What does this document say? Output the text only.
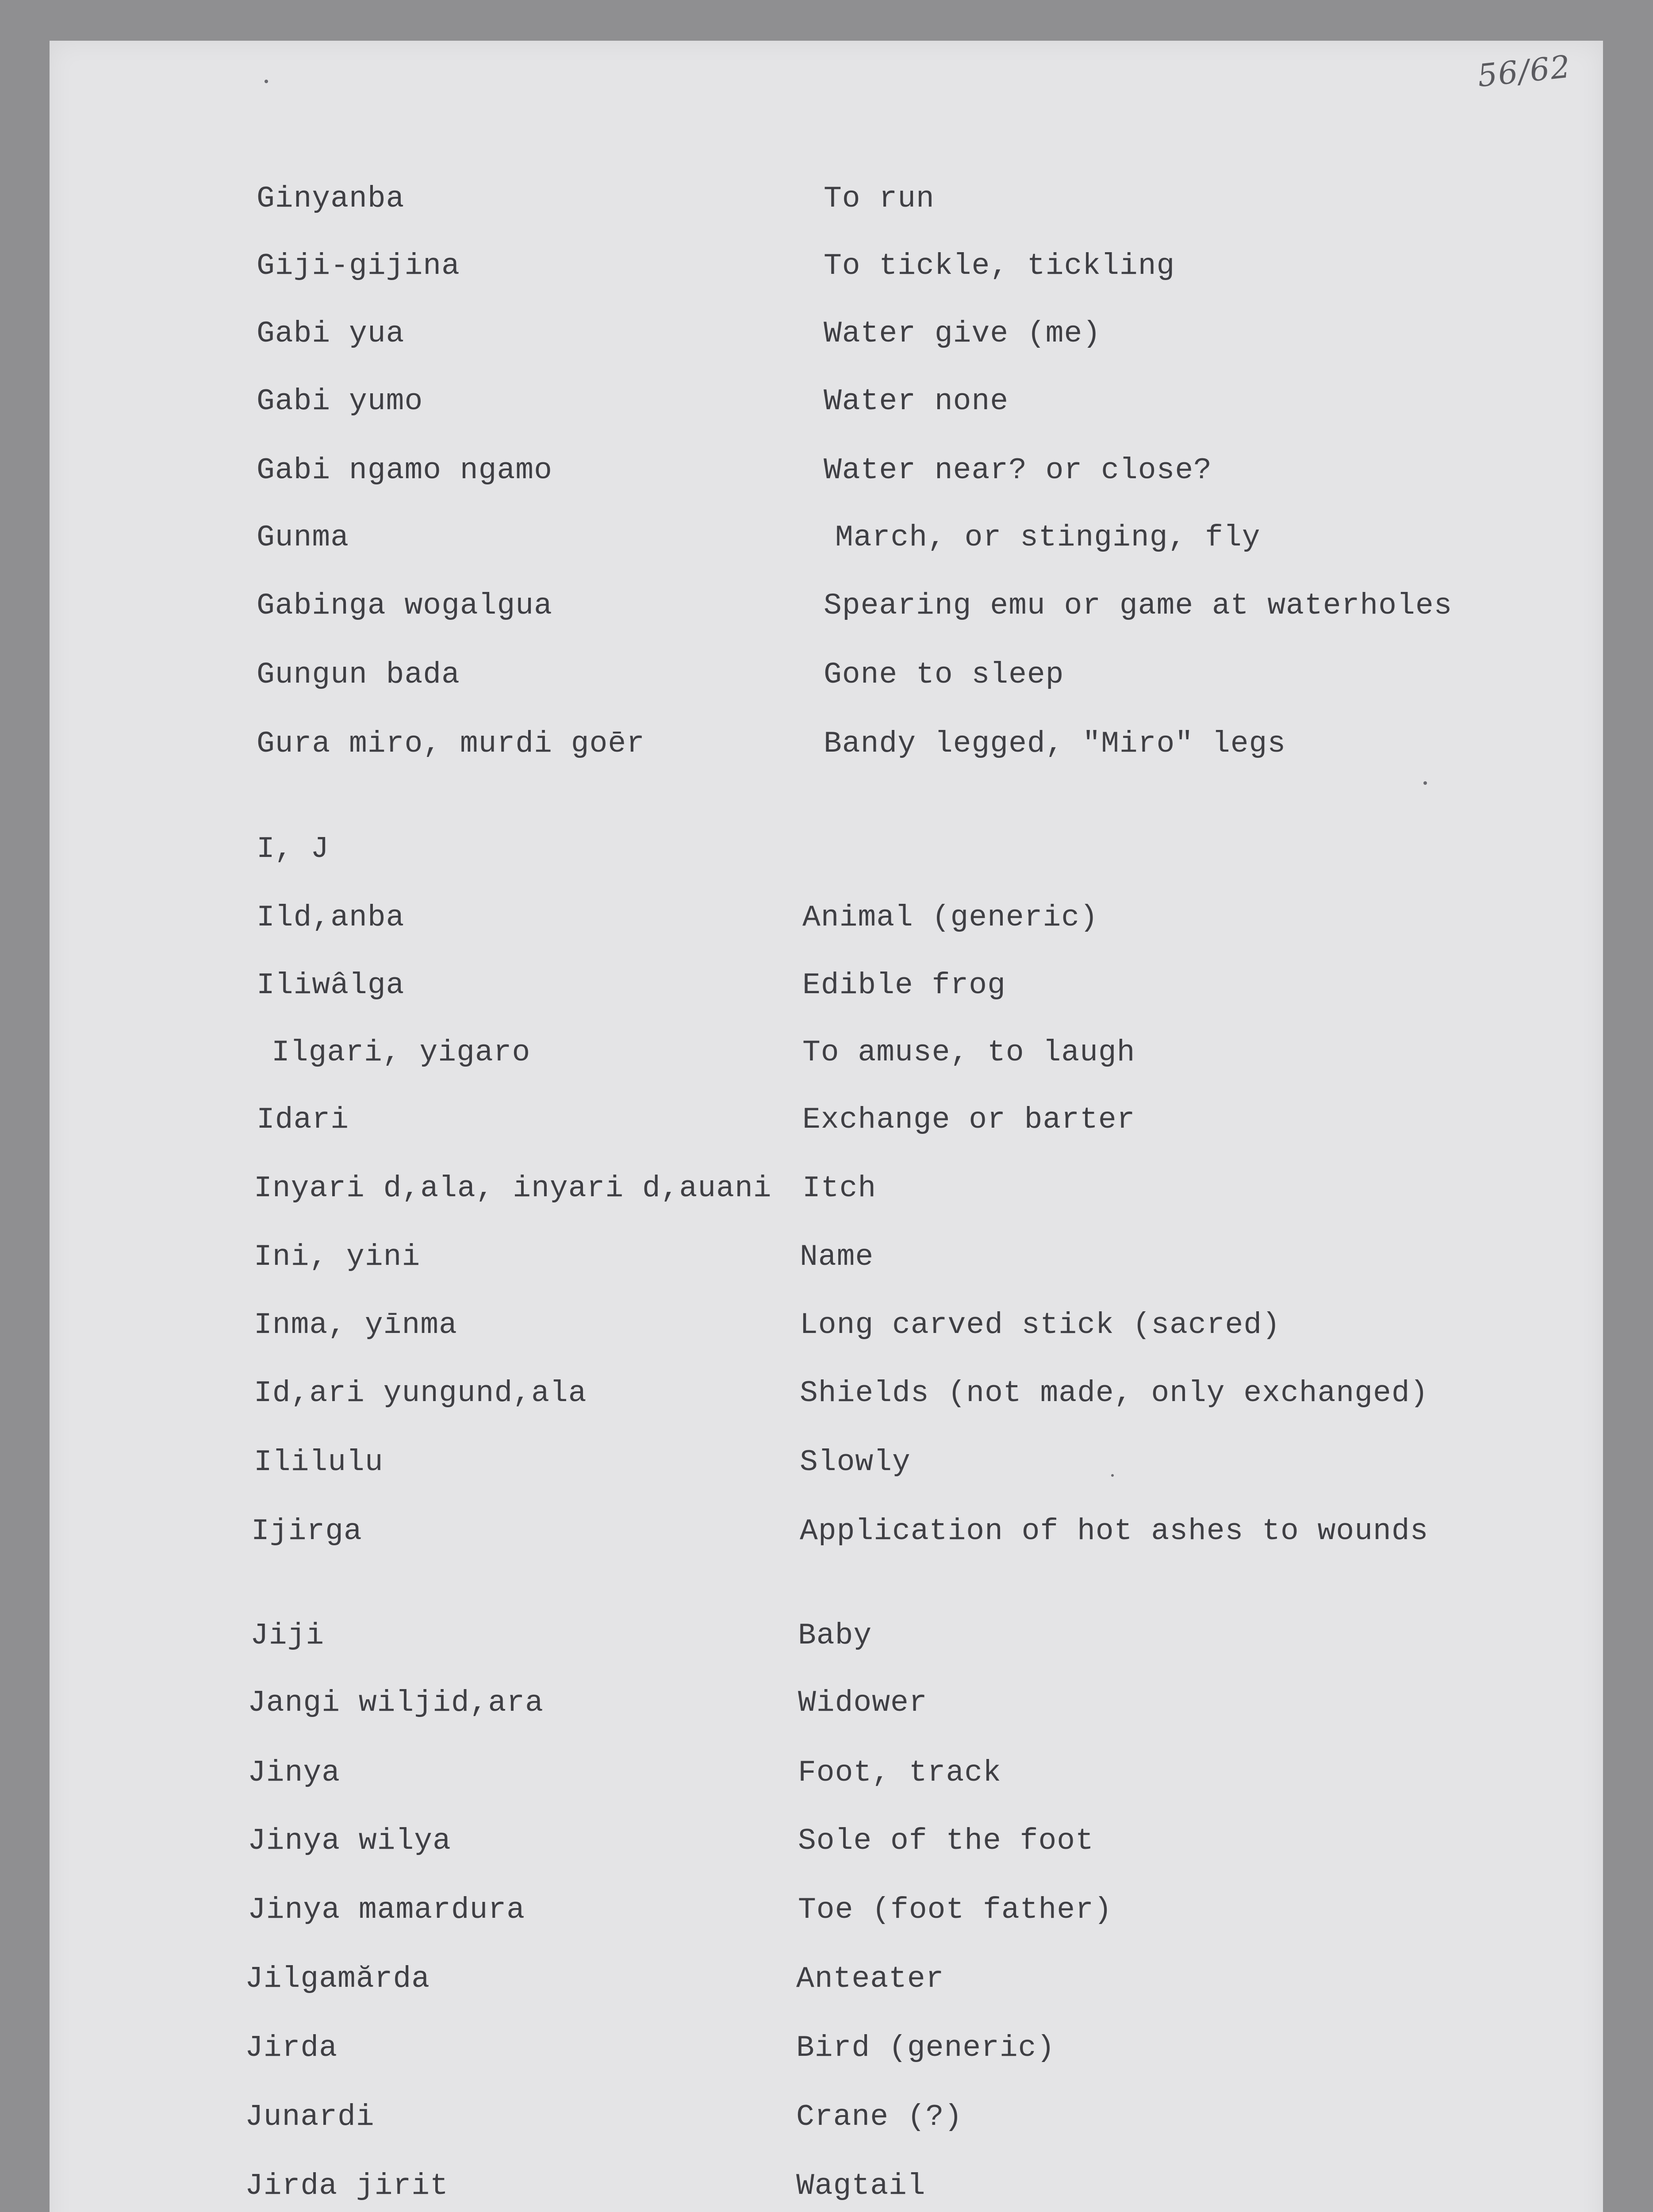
56/62
I, J
Ginyanba	To run
Giji-gijina	To tickle, tickling
Gabi yua	Water give (me)
Gabi yumo	Water none
Gabi ngamo ngamo	Water near? or close?
Gunma	March, or stinging, fly
Gabinga wogalgua	Spearing emu or game at waterholes
Gungun bada	Gone to sleep
Gura miro, murdi goēr	Bandy legged, "Miro" legs
Ild,anba	Animal (generic)
Iliwâlga	Edible frog
Ilgari, yigaro	To amuse, to laugh
Idari	Exchange or barter
Inyari d,ala, inyari d,auani Itch
Ini, yini	Name
Inma, yīnma	Long carved stick (sacred)
Id,ari yungund,ala	Shields (not made, only exchanged)
Ililulu	Slowly
Ijirga	Application of hot ashes to wounds
Jiji	Baby
Jangi wiljid,ara	Widower
Jinya	Foot, track
Jinya wilya	Sole of the foot
Jinya mamardura	Toe (foot father)
Jilgamărda	Anteater
Jirda	Bird (generic)
Junardi	Crane (?)
Jirda jirit	Wagtail
